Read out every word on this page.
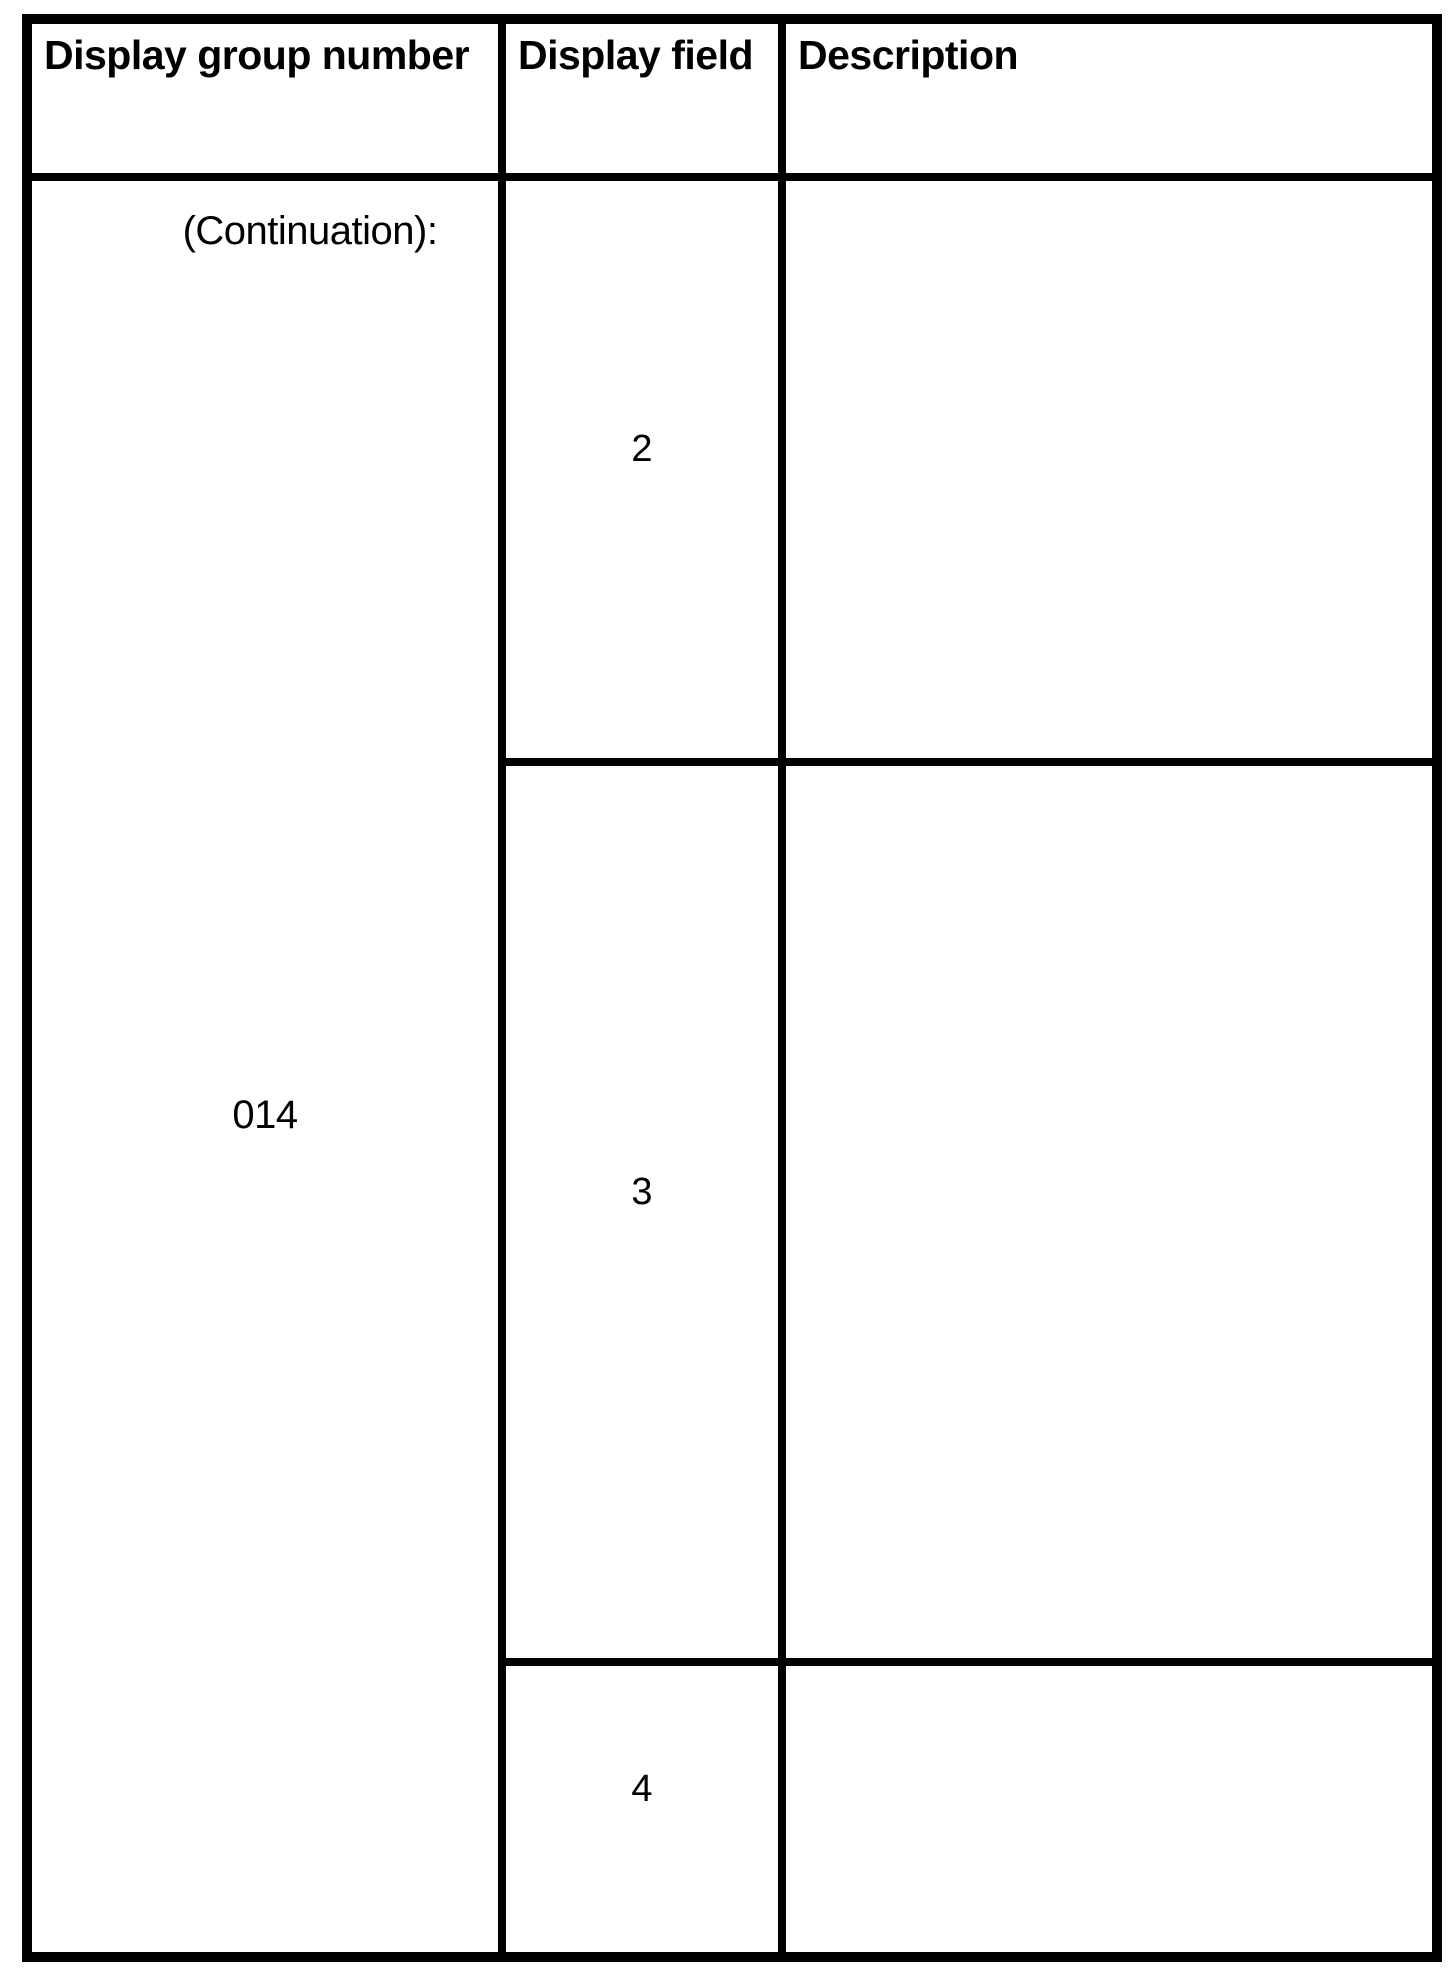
Display group number	Display field	Description

(Continuation):
014	2	
	3	
	4	
